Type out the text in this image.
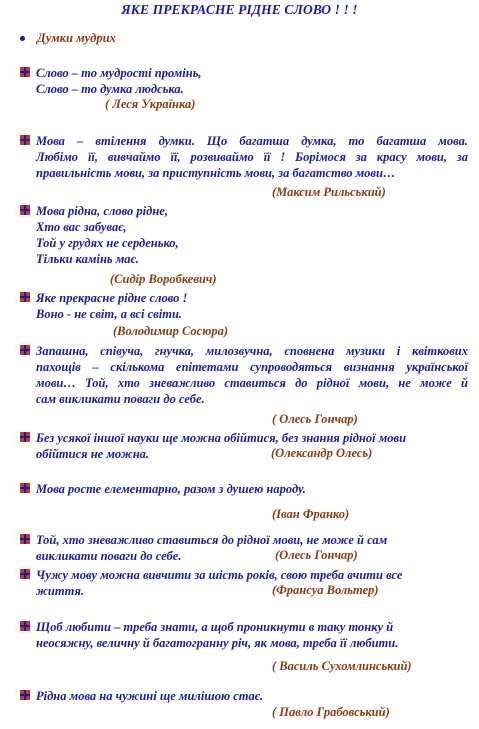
ЯКЕ ПРЕКРАСНЕ РІДНЕ СЛОВО ! ! !
Думки мудрих
Слово – то мудрості промінь,
Слово – то думка людська.
( Леся Українка)
Мова – втілення думки. Що багатша думка, то багатша мова.
Любімо її, вивчаймо її, розвиваймо її ! Борімося за красу мови, за
правильність мови, за приступність мови, за багатство мови…
(Максим Рильський)
Мова рідна, слово рідне,
Хто вас забуває,
Той у грудях не серденько,
Тільки камінь має.
(Сидір Воробкевич)
Яке прекрасне рідне слово !
Воно - не світ, а всі світи.
(Володимир Сосюра)
Запашна, співуча, гнучка, милозвучна, сповнена музики і квіткових
пахощів – скількома епітетами супроводяться визнання української
мови… Той, хто зневажливо ставиться до рідної мови, не може й
сам викликати поваги до себе.
( Олесь Гончар)
Без усякої іншої науки ще можна обійтися, без знання рідної мови
обійтися не можна.	(Олександр Олесь)
Мова росте елементарно, разом з душею народу.
(Іван Франко)
Той, хто зневажливо ставиться до рідної мови, не може й сам
викликати поваги до себе.	(Олесь Гончар)
Чужу мову можна вивчити за шість років, свою треба вчити все
життя.	(Франсуа Вольтер)
Щоб любити – треба знати, а щоб проникнути в таку тонку й
неосяжну, величну й багатогранну річ, як мова, треба її любити.
( Василь Сухомлинський)
Рідна мова на чужині ще милішою стає.
( Павло Грабовський)
